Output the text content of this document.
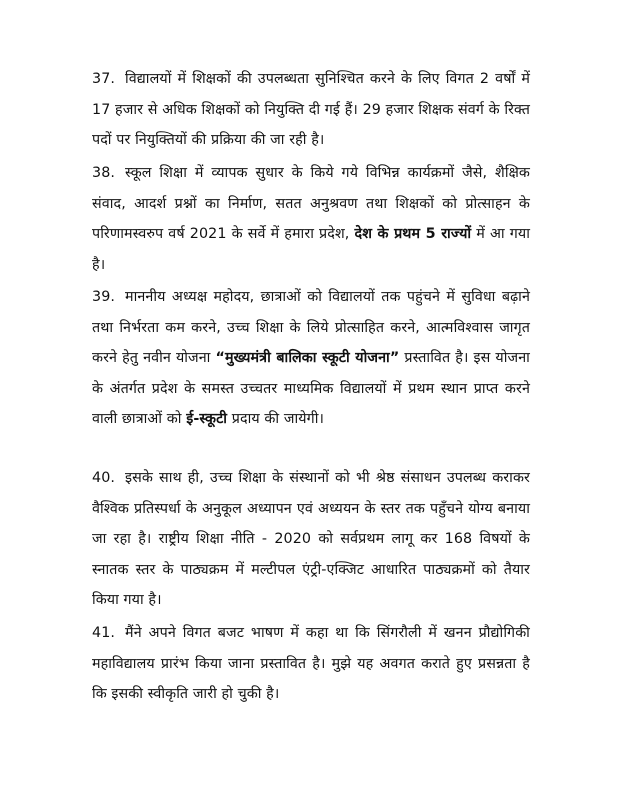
37. विद्यालयों में शिक्षकों की उपलब्धता सुनिश्चित करने के लिए विगत 2 वर्षों में 17 हजार से अधिक शिक्षकों को नियुक्ति दी गई हैं। 29 हजार शिक्षक संवर्ग के रिक्त पदों पर नियुक्तियों की प्रक्रिया की जा रही है।

38. स्कूल शिक्षा में व्यापक सुधार के किये गये विभिन्न कार्यक्रमों जैसे, शैक्षिक संवाद, आदर्श प्रश्नों का निर्माण, सतत अनुश्रवण तथा शिक्षकों को प्रोत्साहन के परिणामस्वरुप वर्ष 2021 के सर्वे में हमारा प्रदेश, देश के प्रथम 5 राज्यों में आ गया है।

39. माननीय अध्यक्ष महोदय, छात्राओं को विद्यालयों तक पहुंचने में सुविधा बढ़ाने तथा निर्भरता कम करने, उच्च शिक्षा के लिये प्रोत्साहित करने, आत्मविश्वास जागृत करने हेतु नवीन योजना “मुख्यमंत्री बालिका स्कूटी योजना” प्रस्तावित है। इस योजना के अंतर्गत प्रदेश के समस्त उच्चतर माध्यमिक विद्यालयों में प्रथम स्थान प्राप्त करने वाली छात्राओं को ई-स्कूटी प्रदाय की जायेगी।

40. इसके साथ ही, उच्च शिक्षा के संस्थानों को भी श्रेष्ठ संसाधन उपलब्ध कराकर वैश्विक प्रतिस्पर्धा के अनुकूल अध्यापन एवं अध्ययन के स्तर तक पहुँचने योग्य बनाया जा रहा है। राष्ट्रीय शिक्षा नीति - 2020 को सर्वप्रथम लागू कर 168 विषयों के स्नातक स्तर के पाठ्यक्रम में मल्टीपल एंट्री-एक्जिट आधारित पाठ्यक्रमों को तैयार किया गया है।

41. मैंने अपने विगत बजट भाषण में कहा था कि सिंगरौली में खनन प्रौद्योगिकी महाविद्यालय प्रारंभ किया जाना प्रस्तावित है। मुझे यह अवगत कराते हुए प्रसन्नता है कि इसकी स्वीकृति जारी हो चुकी है।
